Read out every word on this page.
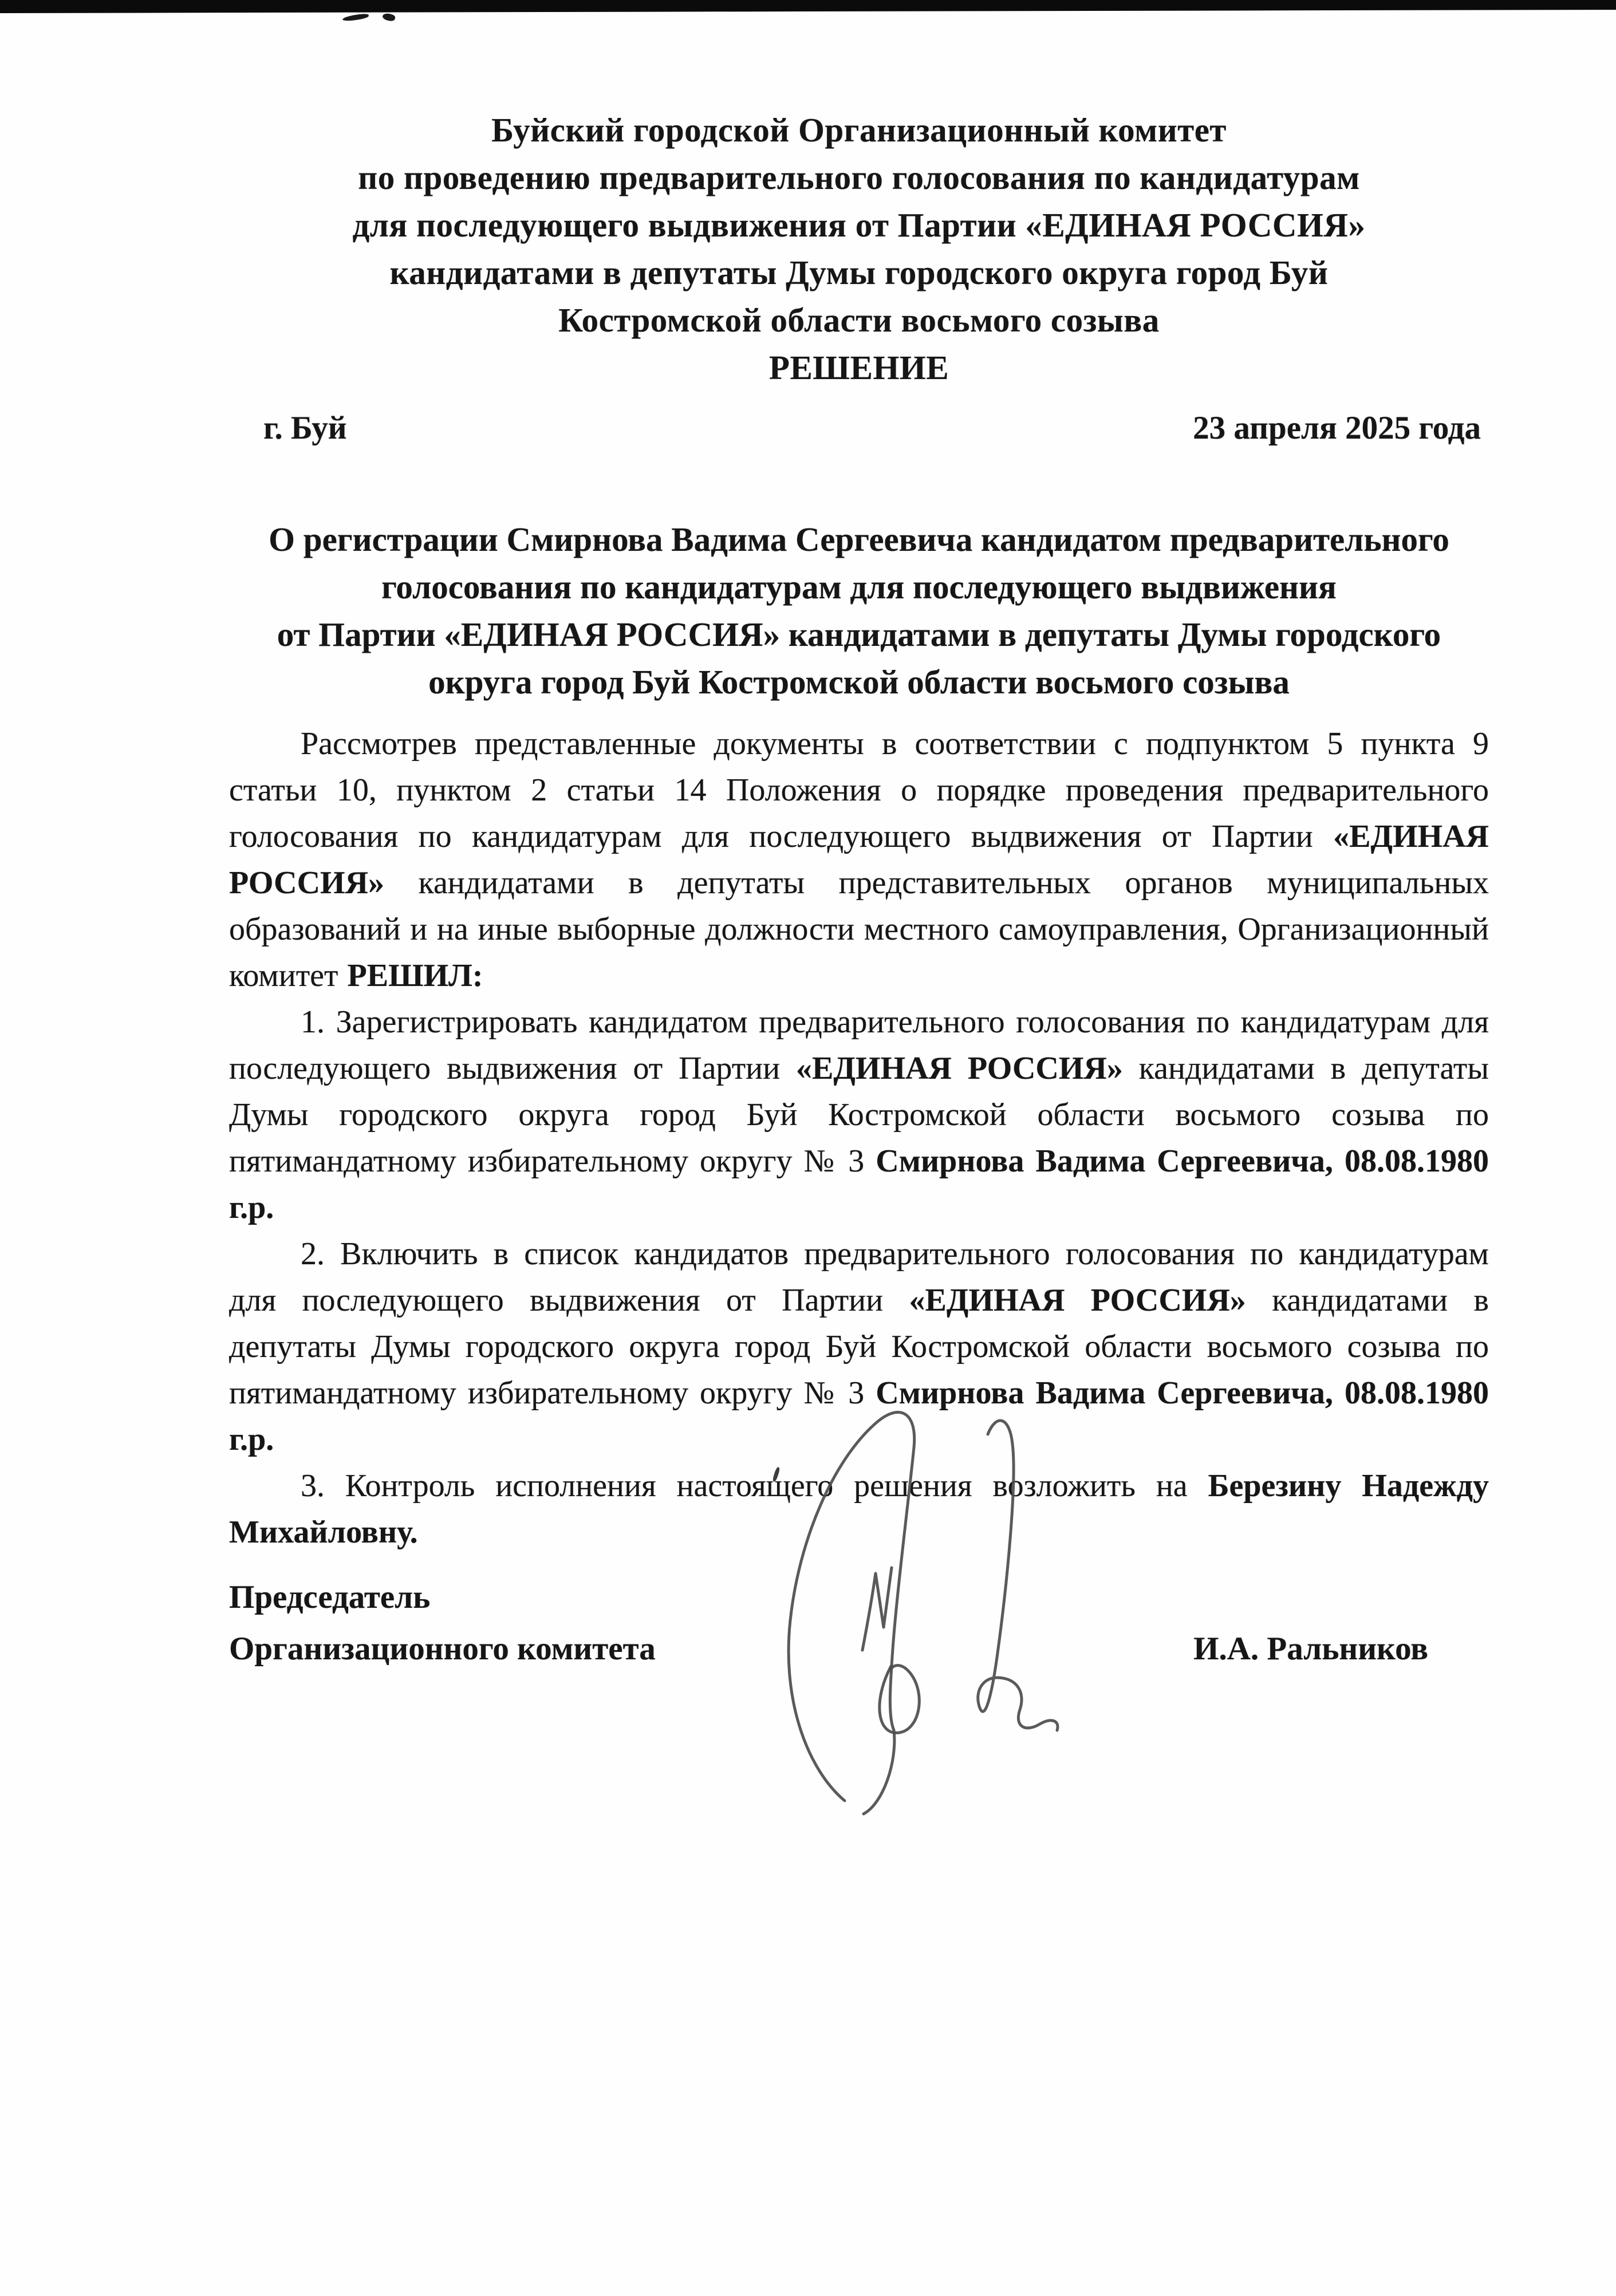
Буйский городской Организационный комитет
по проведению предварительного голосования по кандидатурам
для последующего выдвижения от Партии «ЕДИНАЯ РОССИЯ»
кандидатами в депутаты Думы городского округа город Буй
Костромской области восьмого созыва
РЕШЕНИЕ
г. Буй	23 апреля 2025 года
О регистрации Смирнова Вадима Сергеевича кандидатом предварительного
голосования по кандидатурам для последующего выдвижения
от Партии «ЕДИНАЯ РОССИЯ» кандидатами в депутаты Думы городского
округа город Буй Костромской области восьмого созыва

Рассмотрев представленные документы в соответствии с подпунктом 5 пункта 9 статьи 10, пунктом 2 статьи 14 Положения о порядке проведения предварительного голосования по кандидатурам для последующего выдвижения от Партии «ЕДИНАЯ РОССИЯ» кандидатами в депутаты представительных органов муниципальных образований и на иные выборные должности местного самоуправления, Организационный комитет РЕШИЛ:

1. Зарегистрировать кандидатом предварительного голосования по кандидатурам для последующего выдвижения от Партии «ЕДИНАЯ РОССИЯ» кандидатами в депутаты Думы городского округа город Буй Костромской области восьмого созыва по пятимандатному избирательному округу № 3 Смирнова Вадима Сергеевича, 08.08.1980 г.р.

2. Включить в список кандидатов предварительного голосования по кандидатурам для последующего выдвижения от Партии «ЕДИНАЯ РОССИЯ» кандидатами в депутаты Думы городского округа город Буй Костромской области восьмого созыва по пятимандатному избирательному округу № 3 Смирнова Вадима Сергеевича, 08.08.1980 г.р.

3. Контроль исполнения настоящего решения возложить на Березину Надежду Михайловну.

Председатель
Организационного комитета	И.А. Ральников
